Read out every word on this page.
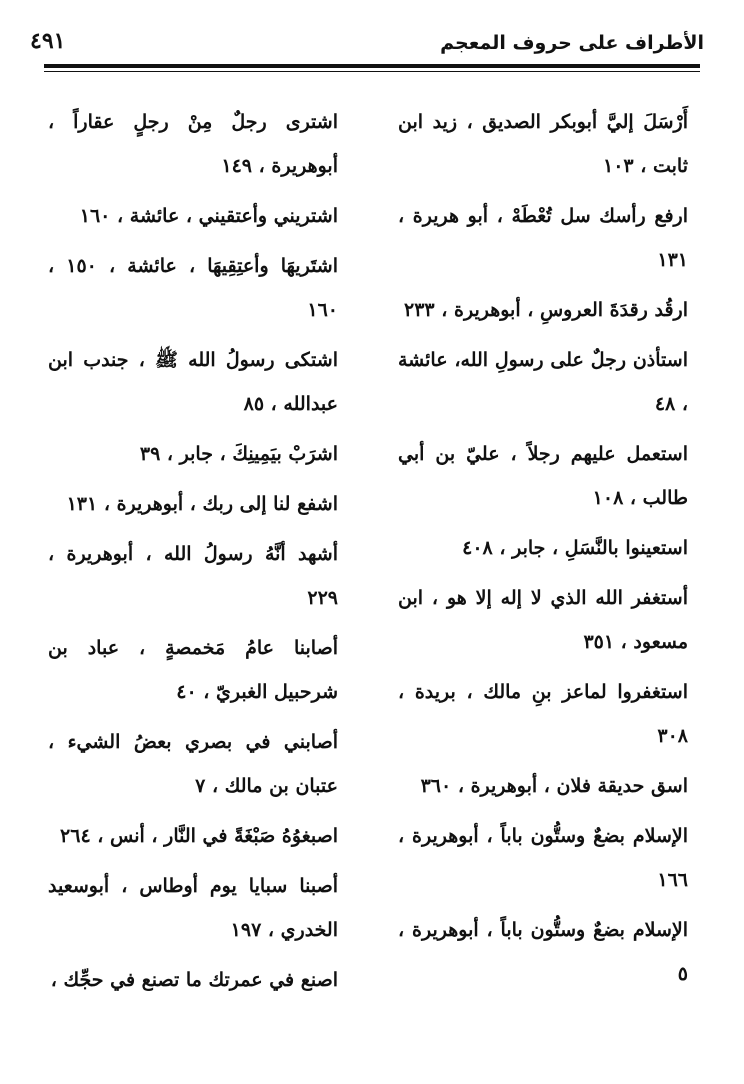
الأطراف على حروف المعجم
٤٩١
أَرْسَلَ إليَّ أبوبكر الصديق ، زيد ابن ثابت ، ١٠٣
ارفع رأسك سل تُعْطَهْ ، أبو هريرة ، ١٣١
ارقُد رقدَةَ العروسِ ، أبوهريرة ، ٢٣٣
استأذن رجلٌ على رسولِ الله، عائشة ، ٤٨
استعمل عليهم رجلاً ، عليّ بن أبي طالب ، ١٠٨
استعينوا بالنَّسَلِ ، جابر ، ٤٠٨
أستغفر الله الذي لا إله إلا هو ، ابن مسعود ، ٣٥١
استغفروا لماعز بنِ مالك ، بريدة ، ٣٠٨
اسق حديقة فلان ، أبوهريرة ، ٣٦٠
الإسلام بضعٌ وستُّون باباً ، أبوهريرة ، ١٦٦
الإسلام بضعٌ وستُّون باباً ، أبوهريرة ، ٥
اشترى رجلٌ مِنْ رجلٍ عقاراً ، أبوهريرة ، ١٤٩
اشتريني وأعتقيني ، عائشة ، ١٦٠
اشتَريهَا وأعتِقِيهَا ، عائشة ، ١٥٠ ، ١٦٠
اشتكى رسولُ الله ﷺ ، جندب ابن عبدالله ، ٨٥
اشرَبْ بيَمِينِكَ ، جابر ، ٣٩
اشفع لنا إلى ربك ، أبوهريرة ، ١٣١
أشهد أنَّهُ رسولُ الله ، أبوهريرة ، ٢٢٩
أصابنا عامُ مَخمصةٍ ، عباد بن شرحبيل الغبريّ ، ٤٠
أصابني في بصري بعضُ الشيء ، عتبان بن مالك ، ٧
اصبغوُهُ صَبْغَةً في النَّار ، أنس ، ٢٦٤
أصبنا سبايا يوم أوطاس ، أبوسعيد الخدري ، ١٩٧
اصنع في عمرتك ما تصنع في حجِّك ،
